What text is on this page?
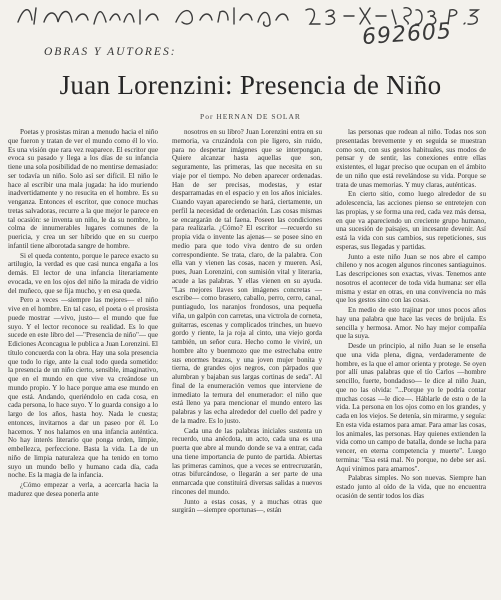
692605
OBRAS Y AUTORES:
Juan Lorenzini: Presencia de Niño
Por HERNAN DE SOLAR

Poetas y prosistas miran a menudo hacia el niño que fueron y tratan de ver el mundo como él lo vio. Es una visión que rara vez reaparece. El escritor que evoca su pasado y llega a los días de su infancia tiene una sola posibilidad de no mentirse demasiado: ser todavía un niño. Solo así ser difícil. El niño le hace al escribir una mala jugada: ha ido muriendo inadvertidamente y no resucita en el hombre. Es su venganza. Entonces el escritor, que conoce muchas tretas salvadoras, recurre a la que mejor le parece en tal ocasión: se inventa un niño, le da su nombre, lo colma de innumerables lugares comunes de la puericia, y crea un ser híbrido que en su cuerpo infantil tiene alborotada sangre de hombre.

Si el queda contento, porque le parece exacto su artilugio, la verdad es que casi nunca engaña a los demás. El lector de una infancia literariamente evocada, ve en los ojos del niño la mirada de vidrio del muñeco, que se fija mucho, y en esa queda.

Pero a veces —siempre las mejores— el niño vive en el hombre. En tal caso, el poeta o el prosista puede mostrar —vivo, justo— el mundo que fue suyo. Y el lector reconoce su realidad. Es lo que sucede en este libro del —"Presencia de niño"— que Ediciones Aconcagua le publica a Juan Lorenzini. El título concuerda con la obra. Hay una sola presencia que todo lo rige, ante la cual todo queda sometido: la presencia de un niño cierto, sensible, imaginativo, que en el mundo en que vive va creándose un mundo propio. Y lo hace porque ama ese mundo en que está. Andando, queriéndolo en cada cosa, en cada persona, lo hace suyo. Y lo guarda consigo a lo largo de los años, hasta hoy. Nada le cuesta; entonces, invitarnos a dar un paseo por él. Lo hacemos. Y nos halamos en una infancia auténtica. No hay interés literario que ponga orden, limpie, embellezca, perfeccione. Basta la vida. La de un niño de limpia naturaleza que ha tenido en torno suyo un mundo bello y humano cada día, cada noche. Es la magia de la infancia.

¿Cómo empezar a verla, a acercarla hacia la madurez que desea ponerla ante

nosotros en su libro? Juan Lorenzini entra en su memoria, va cruzándola con pie ligero, sin ruido, para no despertar imágenes que se interpongan. Quiere alcanzar hasta aquellas que son, seguramente, las primeras, las que necesita en su viaje por el tiempo. No deben aparecer ordenadas. Han de ser precisas, modestas, y estar desparramadas en el espacio y en los años iniciales. Cuando vayan apareciendo se hará, ciertamente, un perfil la necesidad de ordenación. Las cosas mismas se encargarán de tal faena. Poseen las condiciones para realizarla. ¿Cómo? El escritor —recuerdo su propia vida o invente las ajenas— se posee sino en medio para que todo viva dentro de su orden correspondiente. Se trata, claro, de la palabra. Con ella van y vienen las cosas, nacen y mueren. Así, pues, Juan Lorenzini, con sumisión vital y literaria, acude a las palabras. Y ellas vienen en su ayuda. "Las mejores llaves son imágenes concretas —escribe— como brasero, caballo, perro, cerro, canal, puntiagudo, los naranjos frondosos, una pequeña viña, un galpón con carretas, una victrola de corneta, guitarras, escenas y complicados trinches, un huevo gordo y riente, la ja roja al cinto, una viejo gorda también, un señor cura. Hecho como le viviré, un hombre alto y buenmozo que me estrechaba entre sus enormes brazos, y una joven mujer bonita y tierna, de grandes ojos negros, con párpados que alumbran y bajaban sus largas cortinas de seda". Al final de la enumeración vemos que interviene de inmediato la ternura del enumerador: el niño que está lleno ya para mencionar el mundo entero las palabras y las echa alrededor del cuello del padre y de la madre. Es lo justo.

Cada una de las palabras iniciales sustenta un recuerdo, una anécdota, un acto, cada una es una puerta que abre al mundo donde se va a entrar, cada una tiene importancia de punto de partida. Abiertas las primeras caminos, que a veces se entrecruzarán, otras bifurcándose, o llegarán a ser parte de una enmarcada que constituirá diversas salidas a nuevos rincones del mundo.

Junto a estas cosas, y a muchas otras que surgirán —siempre oportunas—, están

las personas que rodean al niño. Todas nos son presentadas brevemente y en seguida se muestran como son, con sus gestos habituales, sus modos de pensar y de sentir, las conexiones entre ellas existentes, el lugar preciso que ocupan en el ámbito de un niño que está revelándose su vida. Porque se trata de unas memorias. Y muy claras, auténticas.

En cierto sitio, como luego alrededor de su adolescencia, las acciones pienso se entretejen con las propias, y se forma una red, cada vez más densa, en que va apareciendo un creciente grupo humano, una sucesión de paisajes, un incesante devenir. Así está la vida con sus cambios, sus repeticiones, sus esperas, sus llegadas y partidas.

Junto a este niño Juan se nos abre el campo chileno y nos acogen algunos rincones santiaguinos. Las descripciones son exactas, vivas. Tenemos ante nosotros el acontecer de toda vida humana: ser ella misma y estar en otras, en una convivencia no más que los gestos sino con las cosas.

En medio de esto trajinar por unos pocos años hay una palabra que hace las veces de brújula. Es sencilla y hermosa. Amor. No hay mejor compañía que la suya.

Desde un principio, al niño Juan se le enseña que una vida plena, digna, verdaderamente de hombre, es la que el amor orienta y protege. Se oyen por allí unas palabras que el tío Carlos —hombre sencillo, fuerte, bondadoso— le dice al niño Juan, que no las olvida: "...Porque yo le podría contar muchas cosas —le dice—. Háblarle de esto o de la vida. La persona en los ojos como en los grandes, y cada en los viejos. Se detenía, sin mirarme, y seguía: En esta vida estamos para amar. Para amar las cosas, los animales, las personas. Hay quienes extienden la vida como un campo de batalla, donde se lucha para vencer, en eterna competencia y muerte". Luego termina: "Esa está mal. No porque, no debe ser así. Aquí vinimos para amarnos".

Palabras simples. No son nuevas. Siempre han estado junto al oído de la vida, que no encuentra ocasión de sentir todos los días
